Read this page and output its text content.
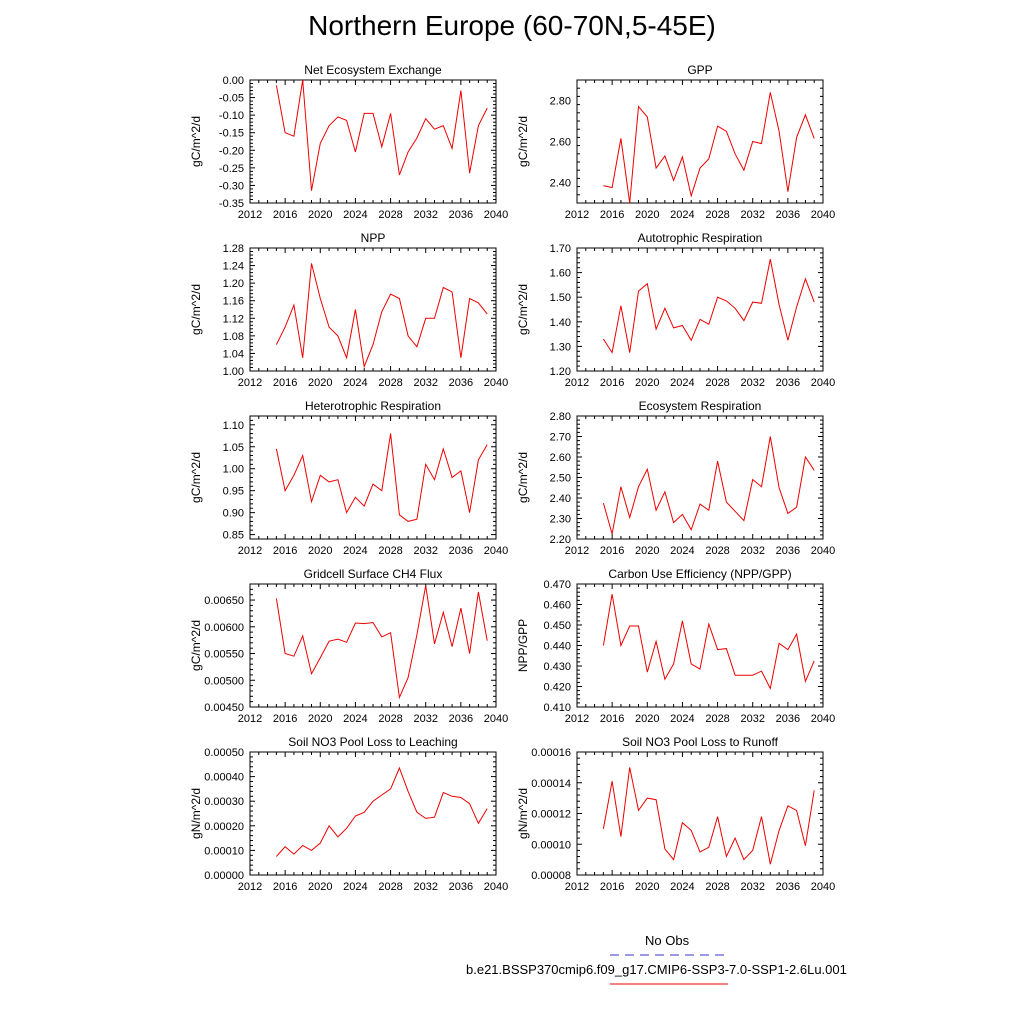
Northern Europe (60-70N,5-45E)
Net Ecosystem Exchange
gC/m^2/d
2012 2016 2020 2024 2028 2032 2036 2040
0.00
-0.05
-0.10
-0.15
-0.20
-0.25
-0.30
-0.35
GPP
gC/m^2/d
2012 2016 2020 2024 2028 2032 2036 2040
2.40
2.60
2.80
NPP
gC/m^2/d
2012 2016 2020 2024 2028 2032 2036 2040
1.00
1.04
1.08
1.12
1.16
1.20
1.24
1.28
Autotrophic Respiration
gC/m^2/d
2012 2016 2020 2024 2028 2032 2036 2040
1.20
1.30
1.40
1.50
1.60
1.70
Heterotrophic Respiration
gC/m^2/d
2012 2016 2020 2024 2028 2032 2036 2040
0.85
0.90
0.95
1.00
1.05
1.10
Ecosystem Respiration
gC/m^2/d
2012 2016 2020 2024 2028 2032 2036 2040
2.20
2.30
2.40
2.50
2.60
2.70
2.80
Gridcell Surface CH4 Flux
gC/m^2/d
2012 2016 2020 2024 2028 2032 2036 2040
0.00450
0.00500
0.00550
0.00600
0.00650
Carbon Use Efficiency (NPP/GPP)
NPP/GPP
2012 2016 2020 2024 2028 2032 2036 2040
0.410
0.420
0.430
0.440
0.450
0.460
0.470
Soil NO3 Pool Loss to Leaching
gN/m^2/d
2012 2016 2020 2024 2028 2032 2036 2040
0.00000
0.00010
0.00020
0.00030
0.00040
0.00050
Soil NO3 Pool Loss to Runoff
gN/m^2/d
2012 2016 2020 2024 2028 2032 2036 2040
0.00008
0.00010
0.00012
0.00014
0.00016
No Obs
b.e21.BSSP370cmip6.f09_g17.CMIP6-SSP3-7.0-SSP1-2.6Lu.001
